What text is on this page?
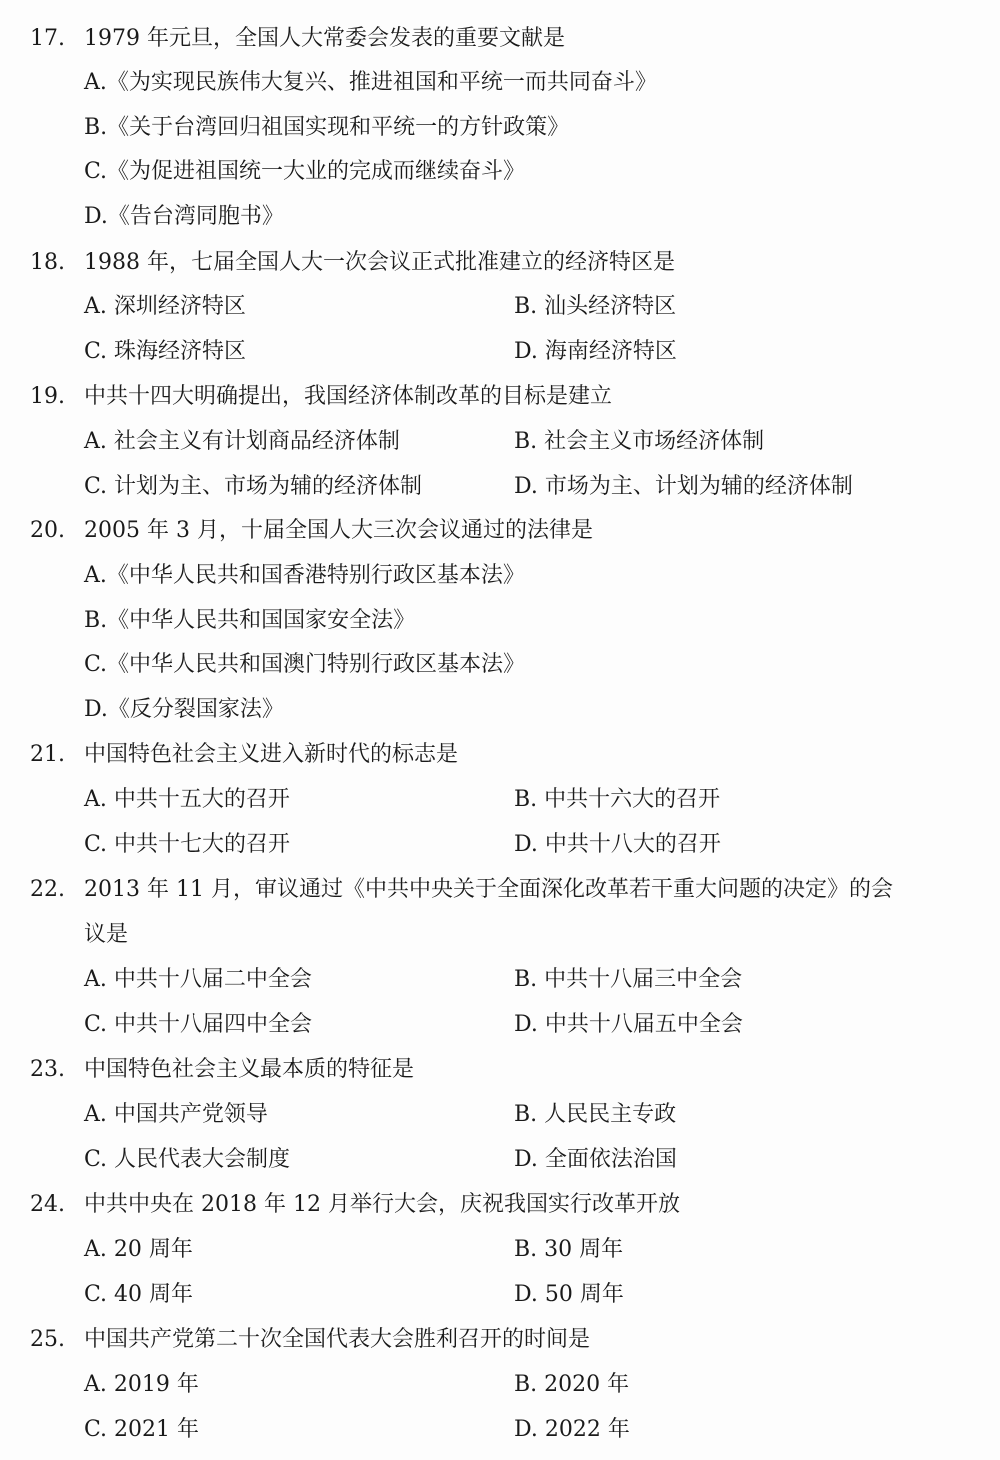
17. 1979 年元旦，全国人大常委会发表的重要文献是
A.《为实现民族伟大复兴、推进祖国和平统一而共同奋斗》
B.《关于台湾回归祖国实现和平统一的方针政策》
C.《为促进祖国统一大业的完成而继续奋斗》
D.《告台湾同胞书》
18. 1988 年，七届全国人大一次会议正式批准建立的经济特区是
A. 深圳经济特区	B. 汕头经济特区
C. 珠海经济特区	D. 海南经济特区
19. 中共十四大明确提出，我国经济体制改革的目标是建立
A. 社会主义有计划商品经济体制	B. 社会主义市场经济体制
C. 计划为主、市场为辅的经济体制	D. 市场为主、计划为辅的经济体制
20. 2005 年 3 月，十届全国人大三次会议通过的法律是
A.《中华人民共和国香港特别行政区基本法》
B.《中华人民共和国国家安全法》
C.《中华人民共和国澳门特别行政区基本法》
D.《反分裂国家法》
21. 中国特色社会主义进入新时代的标志是
A. 中共十五大的召开	B. 中共十六大的召开
C. 中共十七大的召开	D. 中共十八大的召开
22. 2013 年 11 月，审议通过《中共中央关于全面深化改革若干重大问题的决定》的会
议是
A. 中共十八届二中全会	B. 中共十八届三中全会
C. 中共十八届四中全会	D. 中共十八届五中全会
23. 中国特色社会主义最本质的特征是
A. 中国共产党领导	B. 人民民主专政
C. 人民代表大会制度	D. 全面依法治国
24. 中共中央在 2018 年 12 月举行大会，庆祝我国实行改革开放
A. 20 周年	B. 30 周年
C. 40 周年	D. 50 周年
25. 中国共产党第二十次全国代表大会胜利召开的时间是
A. 2019 年	B. 2020 年
C. 2021 年	D. 2022 年
